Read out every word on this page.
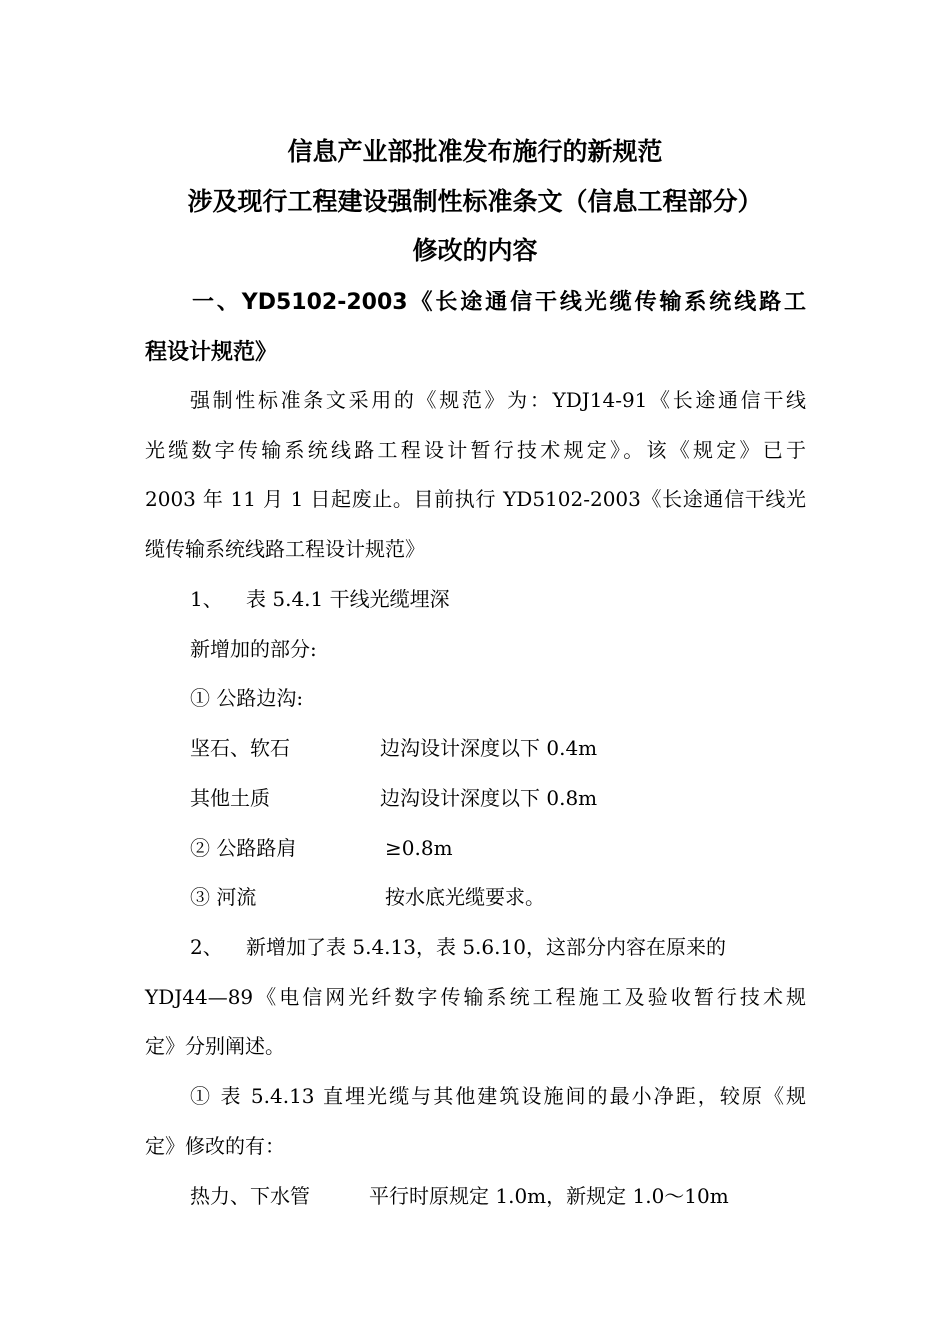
信息产业部批准发布施行的新规范
涉及现行工程建设强制性标准条文（信息工程部分）
修改的内容
一、YD5102-2003《长途通信干线光缆传输系统线路工
程设计规范》
强制性标准条文采用的《规范》为：YDJ14-91《长途通信干线
光缆数字传输系统线路工程设计暂行技术规定》。该《规定》已于
2003 年 11 月 1 日起废止。目前执行 YD5102-2003《长途通信干线光
缆传输系统线路工程设计规范》
1、 表 5.4.1 干线光缆埋深
新增加的部分:
① 公路边沟:
坚石、软石	边沟设计深度以下 0.4m
其他土质	边沟设计深度以下 0.8m
② 公路路肩	≥0.8m
③ 河流	按水底光缆要求。
2、 新增加了表 5.4.13，表 5.6.10，这部分内容在原来的
YDJ44—89《电信网光纤数字传输系统工程施工及验收暂行技术规
定》分别阐述。
① 表 5.4.13 直埋光缆与其他建筑设施间的最小净距，较原《规
定》修改的有：
热力、下水管	平行时原规定 1.0m，新规定 1.0～10m
